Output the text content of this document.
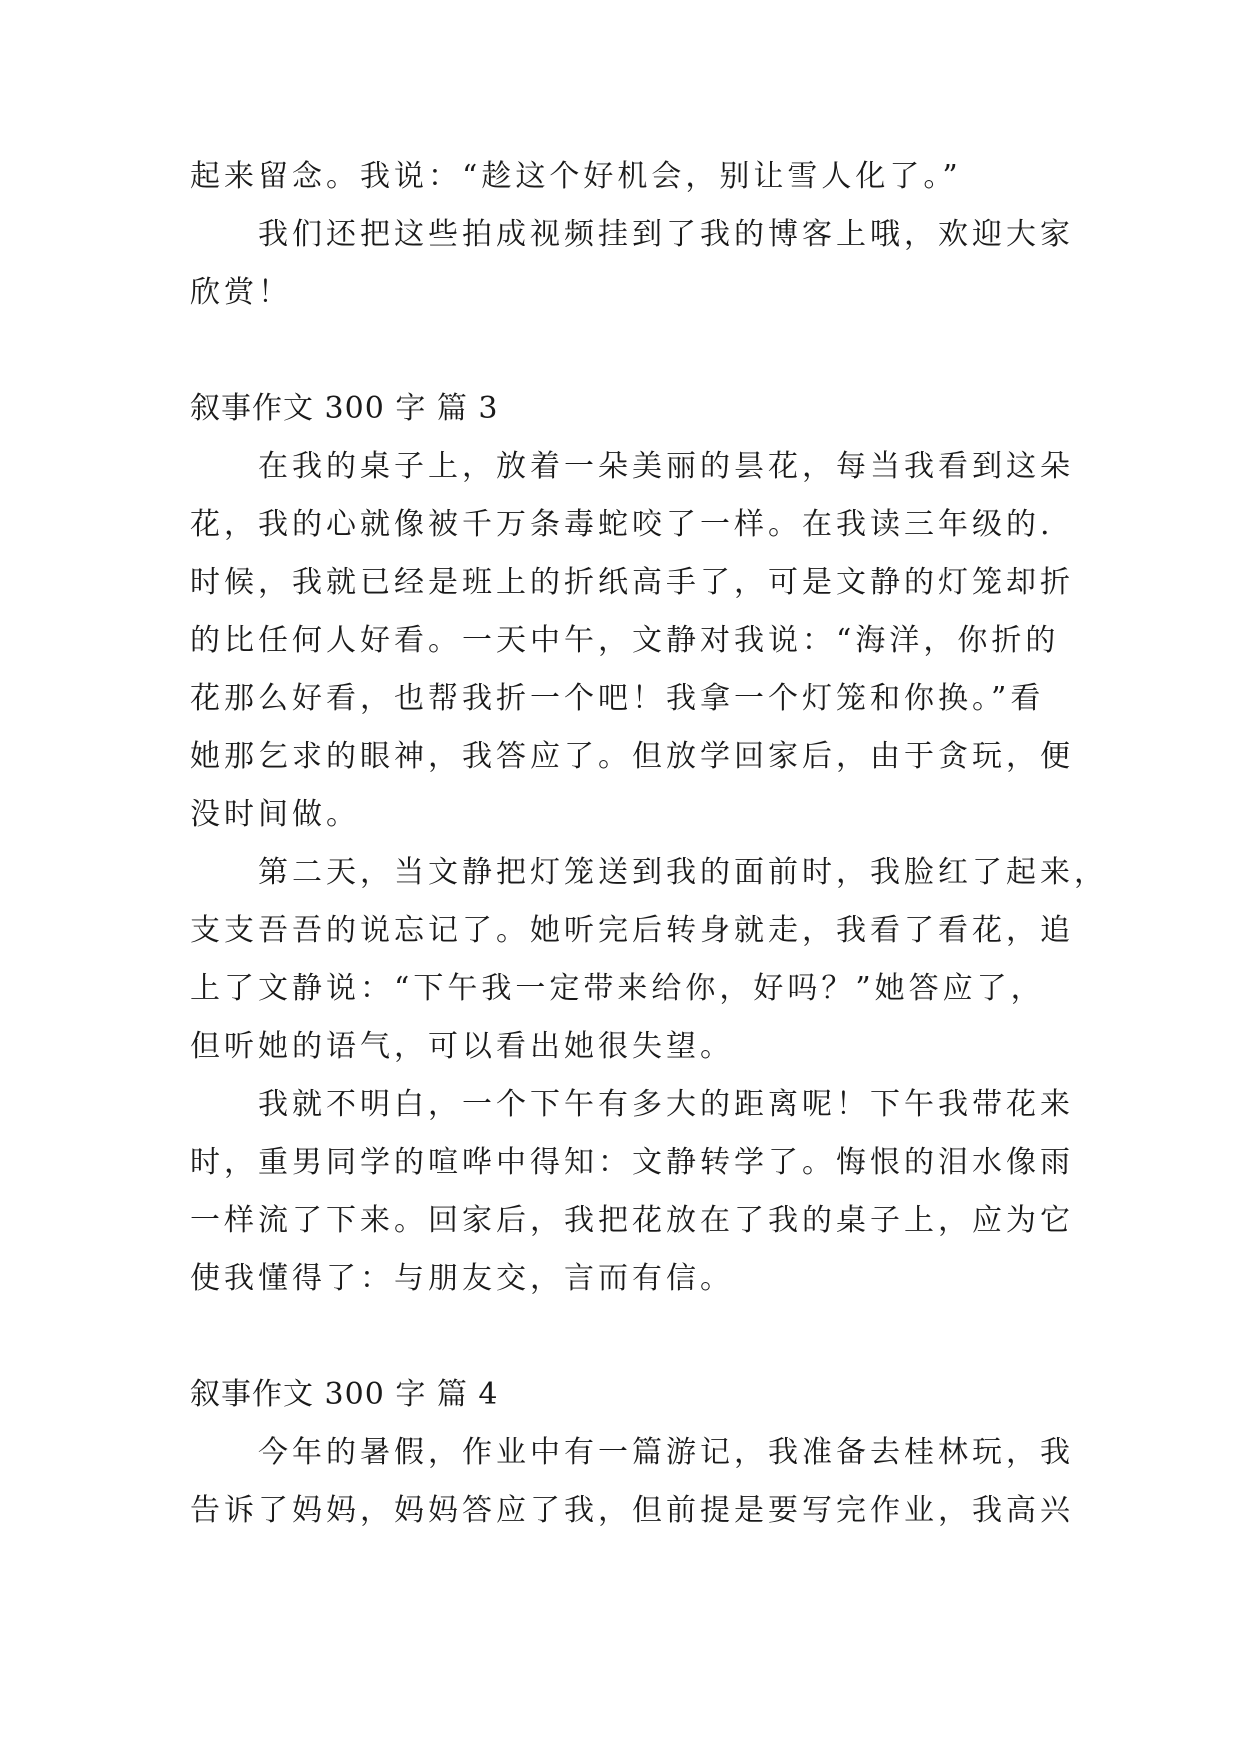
起来留念。我说：“趁这个好机会，别让雪人化了。”
我们还把这些拍成视频挂到了我的博客上哦，欢迎大家
欣赏！
叙事作文 300 字 篇 3
在我的桌子上，放着一朵美丽的昙花，每当我看到这朵
花，我的心就像被千万条毒蛇咬了一样。在我读三年级的.
时候，我就已经是班上的折纸高手了，可是文静的灯笼却折
的比任何人好看。一天中午，文静对我说：“海洋，你折的
花那么好看，也帮我折一个吧！我拿一个灯笼和你换。”看
她那乞求的眼神，我答应了。但放学回家后，由于贪玩，便
没时间做。
第二天，当文静把灯笼送到我的面前时，我脸红了起来，
支支吾吾的说忘记了。她听完后转身就走，我看了看花，追
上了文静说：“下午我一定带来给你，好吗？”她答应了，
但听她的语气，可以看出她很失望。
我就不明白，一个下午有多大的距离呢！下午我带花来
时，重男同学的喧哗中得知：文静转学了。悔恨的泪水像雨
一样流了下来。回家后，我把花放在了我的桌子上，应为它
使我懂得了：与朋友交，言而有信。
叙事作文 300 字 篇 4
今年的暑假，作业中有一篇游记，我准备去桂林玩，我
告诉了妈妈，妈妈答应了我，但前提是要写完作业，我高兴
